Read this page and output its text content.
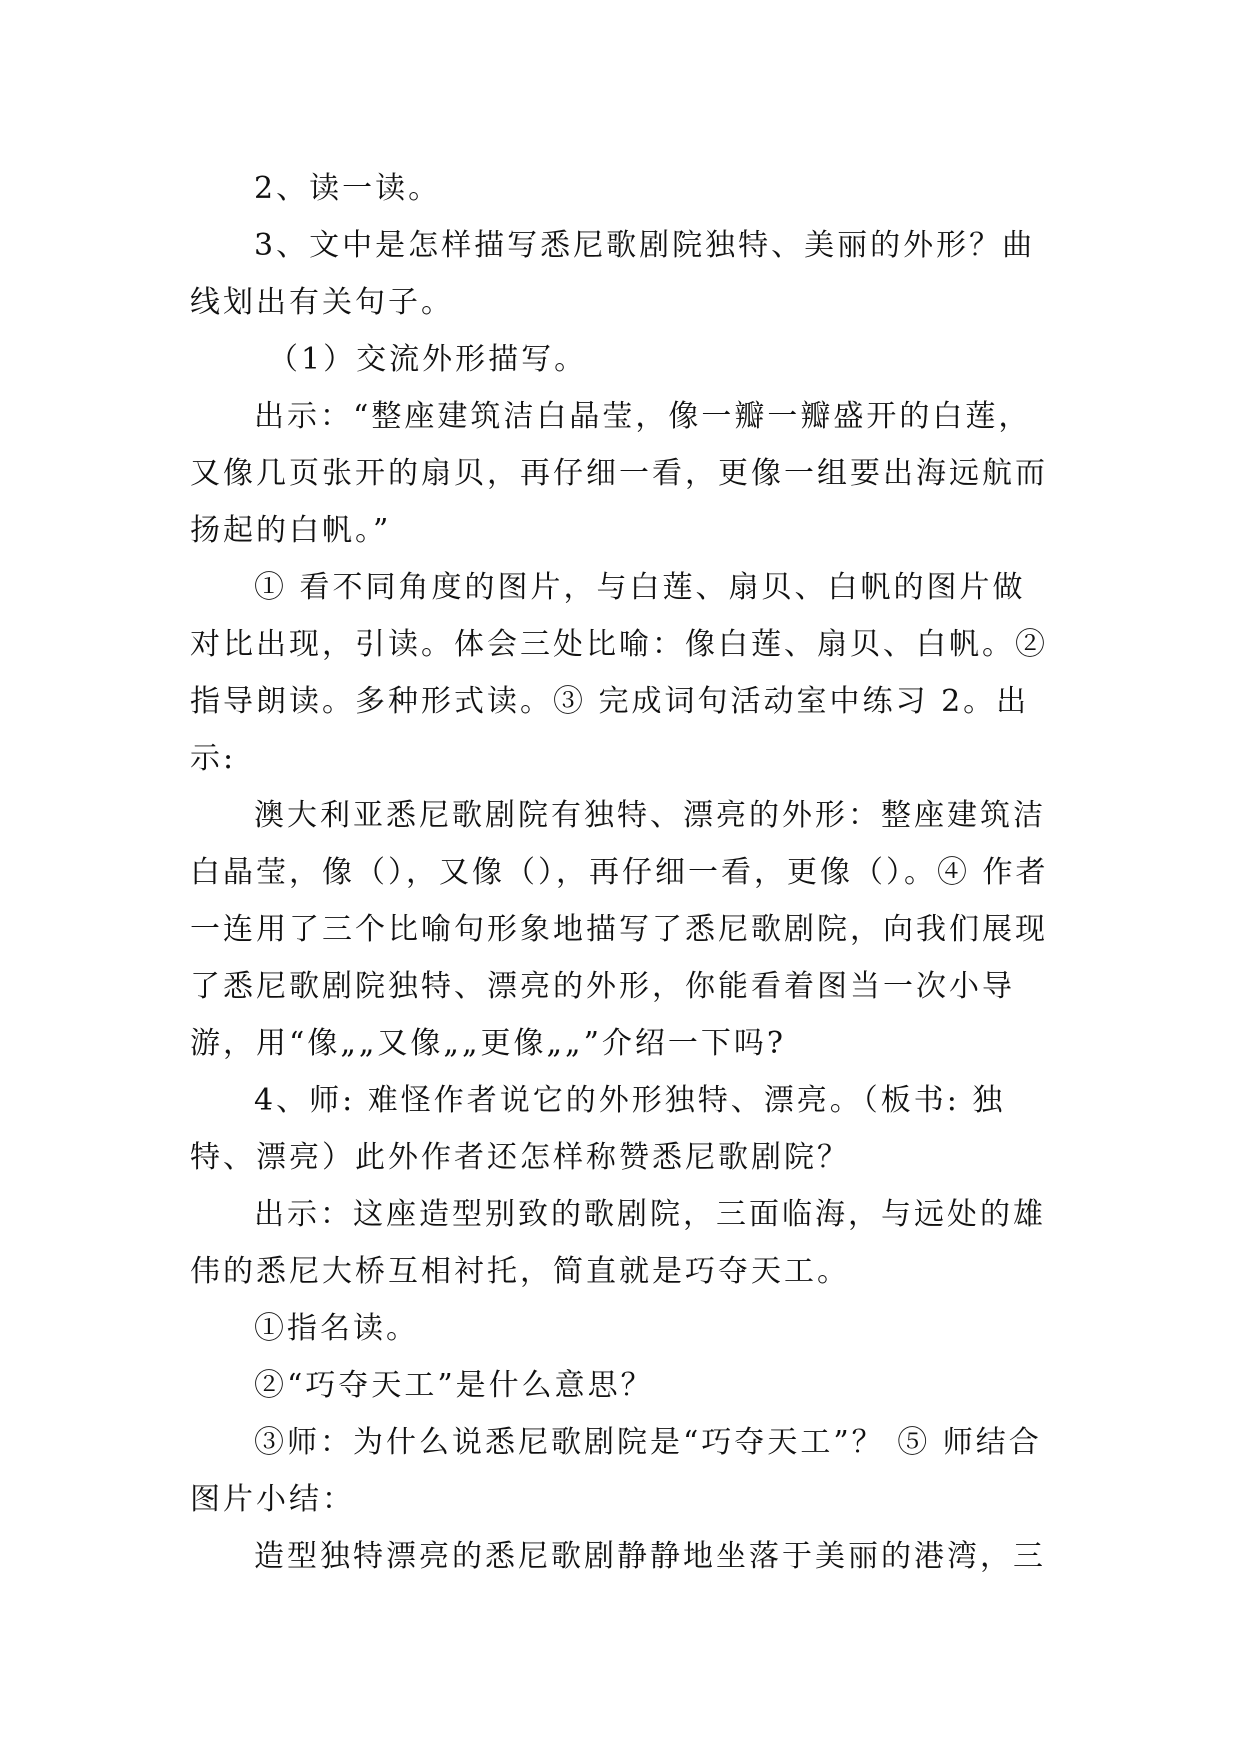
2、读一读。

3、文中是怎样描写悉尼歌剧院独特、美丽的外形？曲线划出有关句子。

（1）交流外形描写。

出示：“整座建筑洁白晶莹，像一瓣一瓣盛开的白莲，又像几页张开的扇贝，再仔细一看，更像一组要出海远航而扬起的白帆。”

① 看不同角度的图片，与白莲、扇贝、白帆的图片做对比出现，引读。体会三处比喻：像白莲、扇贝、白帆。② 指导朗读。多种形式读。③ 完成词句活动室中练习 2。出示:

澳大利亚悉尼歌剧院有独特、漂亮的外形：整座建筑洁白晶莹，像（），又像（），再仔细一看，更像（）。④ 作者一连用了三个比喻句形象地描写了悉尼歌剧院，向我们展现了悉尼歌剧院独特、漂亮的外形，你能看着图当一次小导游，用“像„„又像„„更像„„”介绍一下吗?

4、师: 难怪作者说它的外形独特、漂亮。（板书: 独特、漂亮）此外作者还怎样称赞悉尼歌剧院？

出示：这座造型别致的歌剧院，三面临海，与远处的雄伟的悉尼大桥互相衬托，简直就是巧夺天工。

①指名读。

②“巧夺天工”是什么意思？

③师：为什么说悉尼歌剧院是“巧夺天工”？ ⑤ 师结合图片小结：

造型独特漂亮的悉尼歌剧静静地坐落于美丽的港湾，三
